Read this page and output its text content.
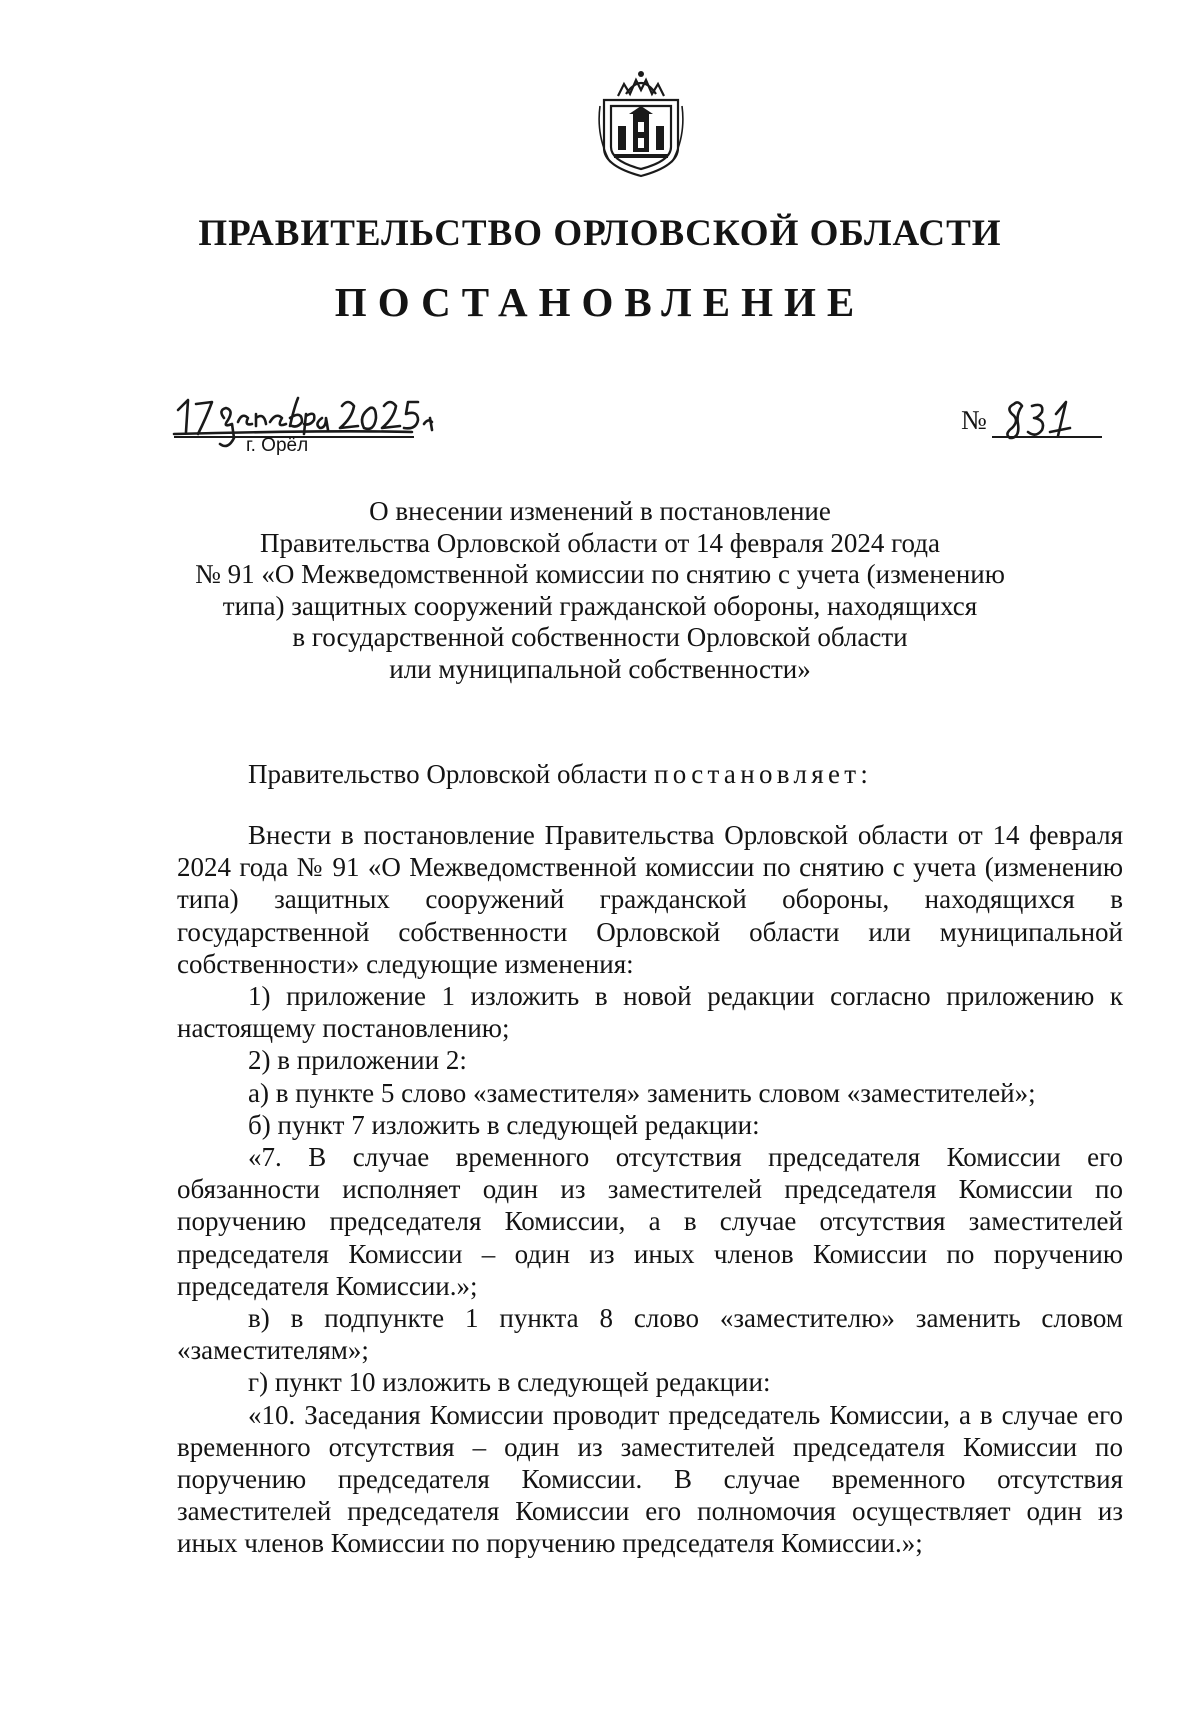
ПРАВИТЕЛЬСТВО ОРЛОВСКОЙ ОБЛАСТИ
ПОСТАНОВЛЕНИЕ
г. Орёл
№
О внесении изменений в постановление
Правительства Орловской области от 14 февраля 2024 года
№ 91 «О Межведомственной комиссии по снятию с учета (изменению
типа) защитных сооружений гражданской обороны, находящихся
в государственной собственности Орловской области
или муниципальной собственности»
Правительство Орловской области постановляет:

Внести в постановление Правительства Орловской области от 14 февраля 2024 года № 91 «О Межведомственной комиссии по снятию с учета (изменению типа) защитных сооружений гражданской обороны, находящихся в государственной собственности Орловской области или муниципальной собственности» следующие изменения:

1) приложение 1 изложить в новой редакции согласно приложению к настоящему постановлению;

2) в приложении 2:

а) в пункте 5 слово «заместителя» заменить словом «заместителей»;

б) пункт 7 изложить в следующей редакции:

«7. В случае временного отсутствия председателя Комиссии его обязанности исполняет один из заместителей председателя Комиссии по поручению председателя Комиссии, а в случае отсутствия заместителей председателя Комиссии – один из иных членов Комиссии по поручению председателя Комиссии.»;

в) в подпункте 1 пункта 8 слово «заместителю» заменить словом «заместителям»;

г) пункт 10 изложить в следующей редакции:

«10. Заседания Комиссии проводит председатель Комиссии, а в случае его временного отсутствия – один из заместителей председателя Комиссии по поручению председателя Комиссии. В случае временного отсутствия заместителей председателя Комиссии его полномочия осуществляет один из иных членов Комиссии по поручению председателя Комиссии.»;
